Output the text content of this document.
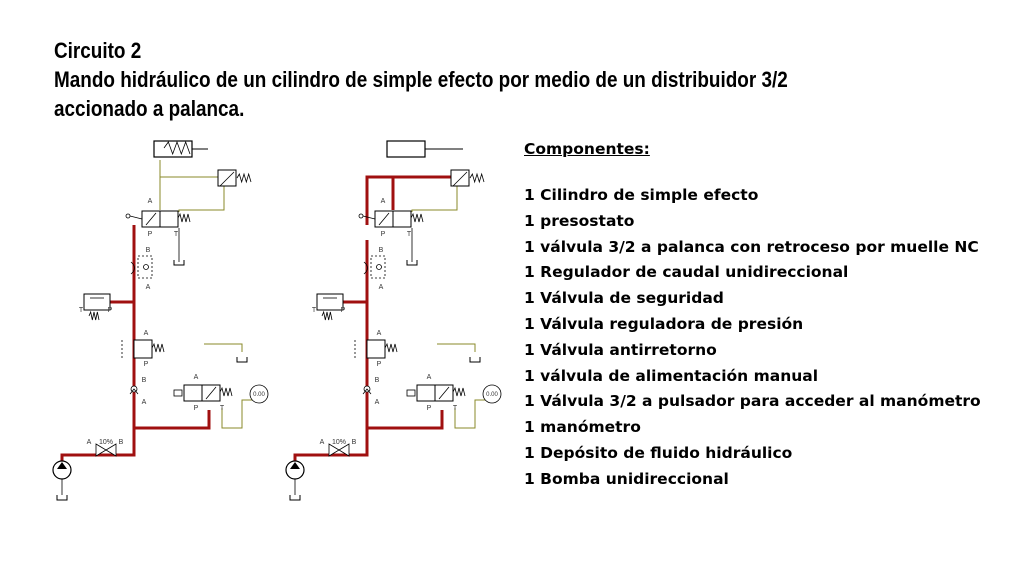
Circuito 2
Mando hidráulico de un cilindro de simple efecto por medio de un distribuidor 3/2 accionado a palanca.
A
P	T
B
A
T	P
A
P
B
A
A
P	T
0.00
A 10% B
A
P	T
B
A
T	P
A
P
B
A
A
P	T
0.00
A 10% B
Componentes:
1 Cilindro de simple efecto
1 presostato
1 válvula 3/2 a palanca con retroceso por muelle NC
1 Regulador de caudal unidireccional
1 Válvula de seguridad
1 Válvula reguladora de presión
1 Válvula antirretorno
1 válvula de alimentación manual
1 Válvula 3/2 a pulsador para acceder al manómetro
1 manómetro
1 Depósito de fluido hidráulico
1 Bomba unidireccional
